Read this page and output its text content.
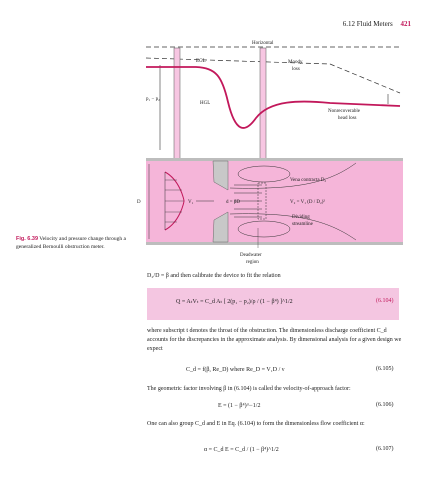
6.12 Fluid Meters 421
Horizontal
EGL	Moody
loss
p₁ − p₂
HGL
Nonrecoverable
head loss
Vena contracta D₂
D	V₁	d = βD	V₂ = V₁ (D / D₂)²
Dividing
streamline
Deadwater
region
Fig. 6.39 Velocity and pressure change through a generalized Bernoulli obstruction meter.
D₂/D = β and then calibrate the device to fit the relation
Q = AₜVₜ = C_d Aₜ [ 2(p₁ − p₂)/ρ / (1 − β⁴) ]^1/2	(6.104)
where subscript t denotes the throat of the obstruction. The dimensionless discharge coefficient C_d accounts for the discrepancies in the approximate analysis. By dimensional analysis for a given design we expect
C_d = f(β, Re_D) where Re_D = V₁D / ν	(6.105)
The geometric factor involving β in (6.104) is called the velocity-of-approach factor:
E = (1 − β⁴)^−1/2	(6.106)
One can also group C_d and E in Eq. (6.104) to form the dimensionless flow coefficient α:
α = C_d E = C_d / (1 − β⁴)^1/2	(6.107)
